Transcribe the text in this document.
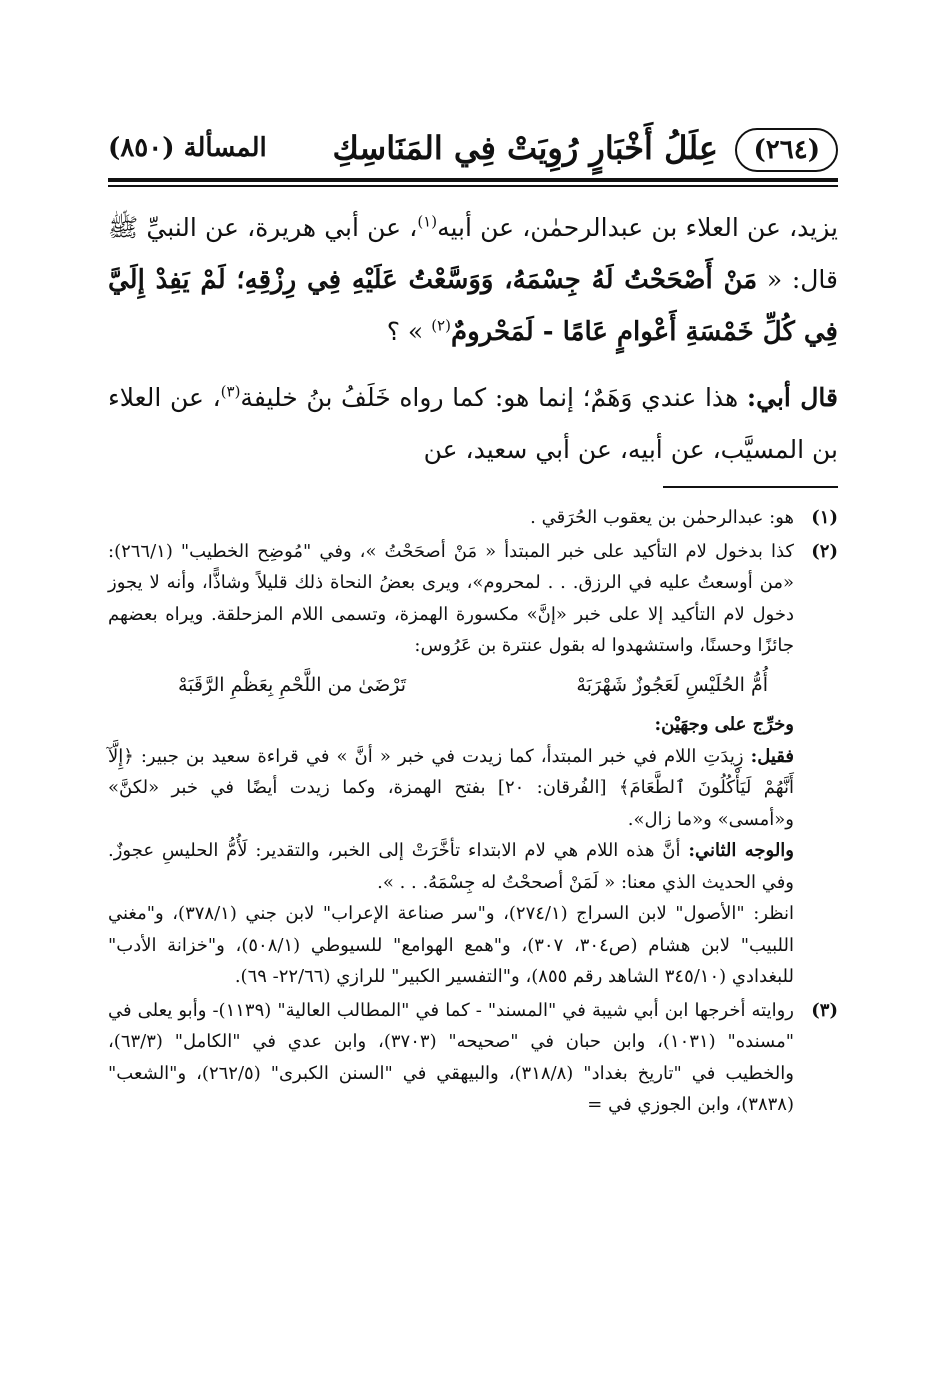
(٢٦٤)
عِلَلُ أَخْبَارٍ رُوِيَتْ فِي المَنَاسِكِ
المسألة (٨٥٠)

يزيد، عن العلاء بن عبدالرحمٰن، عن أبيه$^{(١)}$، عن أبي هريرة، عن النبيِّ ﷺ قال: « مَنْ أَصْحَحْتُ لَهُ جِسْمَهُ، وَوَسَّعْتُ عَلَيْهِ فِي رِزْقِهِ؛ لَمْ يَفِدْ إِلَيَّ فِي كُلِّ خَمْسَةِ أَعْوامٍ عَامًا - لَمَحْرومٌ$^{(٢)}$ » ؟

قال أبي: هذا عندي وَهَمٌ؛ إنما هو: كما رواه خَلَفُ بنُ خليفة$^{(٣)}$، عن العلاء بن المسيَّب، عن أبيه، عن أبي سعيد، عن

(١)

هو: عبدالرحمٰن بن يعقوب الحُرَقي .

(٢)

كذا بدخول لام التأكيد على خبر المبتدأ « مَنْ أصحَحْتُ »، وفي "مُوضِح الخطيب" (٢٦٦/١): «من أوسعتُ عليه في الرزق. . . لمحروم»، ويرى بعضُ النحاة ذلك قليلاً وشاذًّا، وأنه لا يجوز دخول لام التأكيد إلا على خبر «إنَّ» مكسورة الهمزة، وتسمى اللام المزحلقة. ويراه بعضهم جائزًا وحسنًا، واستشهدوا له بقول عنترة بن عَرُوس:

أُمُّ الحُلَيْسِ لَعَجُوزٌ شَهْرَبَهْ
تَرْضَىٰ من اللَّحْمِ بِعَظْمِ الرَّقَبَهْ

وخرِّج على وجهَيْن:

فقيل: زِيدَتِ اللام في خبر المبتدأ، كما زيدت في خبر « أنَّ » في قراءة سعيد بن جبير: ﴿إِلَّآ أَنَّهُمْ لَيَأْكُلُونَ ٱلطَّعَامَ﴾ [الفُرقان: ٢٠] بفتح الهمزة، وكما زيدت أيضًا في خبر «لكنَّ» و«أمسى» و«ما زال».

والوجه الثاني: أنَّ هذه اللام هي لام الابتداء تأخَّرَتْ إلى الخبر، والتقدير: لَأُمُّ الحليسِ عجوزٌ. وفي الحديث الذي معنا: « لَمَنْ أصححْتُ له جِسْمَهُ. . . ».

انظر: "الأصول" لابن السراج (٢٧٤/١)، و"سر صناعة الإعراب" لابن جني (٣٧٨/١)، و"مغني اللبيب" لابن هشام (ص٣٠٤، ٣٠٧)، و"همع الهوامع" للسيوطي (٥٠٨/١)، و"خزانة الأدب" للبغدادي (٣٤٥/١٠ الشاهد رقم ٨٥٥)، و"التفسير الكبير" للرازي (٢٢/٦٦- ٦٩).

(٣)

روايته أخرجها ابن أبي شيبة في "المسند" - كما في "المطالب العالية" (١١٣٩)- وأبو يعلى في "مسنده" (١٠٣١)، وابن حبان في "صحيحه" (٣٧٠٣)، وابن عدي في "الكامل" (٦٣/٣)، والخطيب في "تاريخ بغداد" (٣١٨/٨)، والبيهقي في "السنن الكبرى" (٢٦٢/٥)، و"الشعب" (٣٨٣٨)، وابن الجوزي في =
